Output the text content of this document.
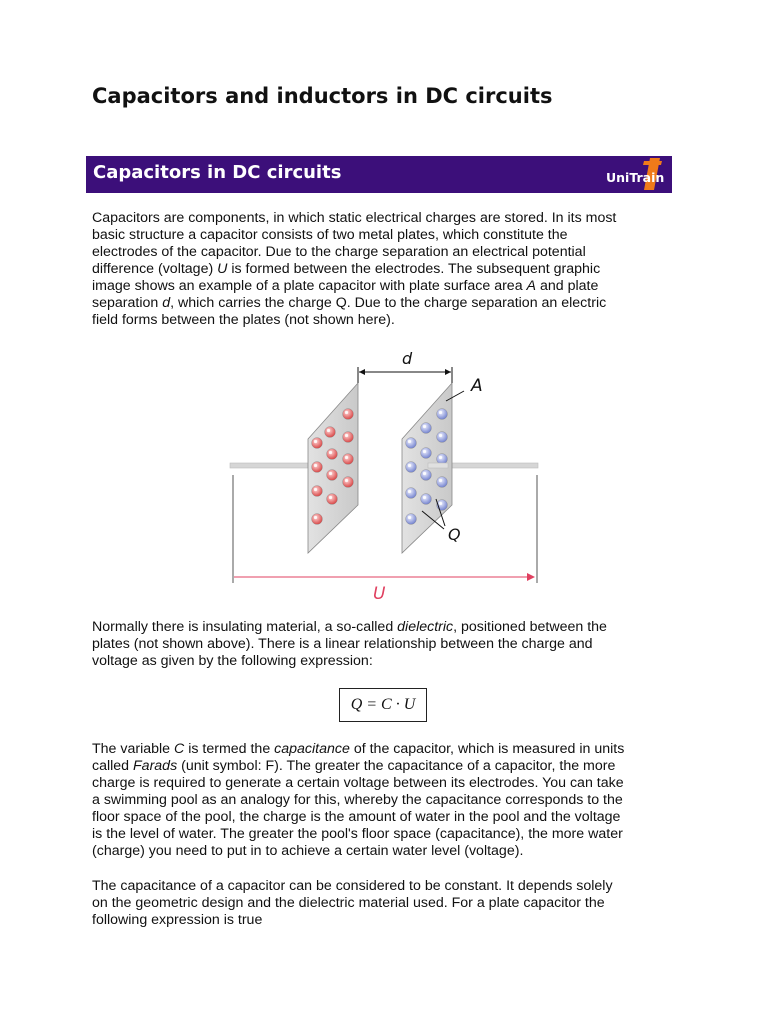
Capacitors and inductors in DC circuits
Capacitors in DC circuits	UniTrain
Capacitors are components, in which static electrical charges are stored. In its most
basic structure a capacitor consists of two metal plates, which constitute the
electrodes of the capacitor. Due to the charge separation an electrical potential
difference (voltage) U is formed between the electrodes. The subsequent graphic
image shows an example of a plate capacitor with plate surface area A and plate
separation d, which carries the charge Q. Due to the charge separation an electric
field forms between the plates (not shown here).
d
A
Q
U
Normally there is insulating material, a so-called dielectric, positioned between the
plates (not shown above). There is a linear relationship between the charge and
voltage as given by the following expression:
Q = C · U
The variable C is termed the capacitance of the capacitor, which is measured in units
called Farads (unit symbol: F). The greater the capacitance of a capacitor, the more
charge is required to generate a certain voltage between its electrodes. You can take
a swimming pool as an analogy for this, whereby the capacitance corresponds to the
floor space of the pool, the charge is the amount of water in the pool and the voltage
is the level of water. The greater the pool's floor space (capacitance), the more water
(charge) you need to put in to achieve a certain water level (voltage).
The capacitance of a capacitor can be considered to be constant. It depends solely
on the geometric design and the dielectric material used. For a plate capacitor the
following expression is true
